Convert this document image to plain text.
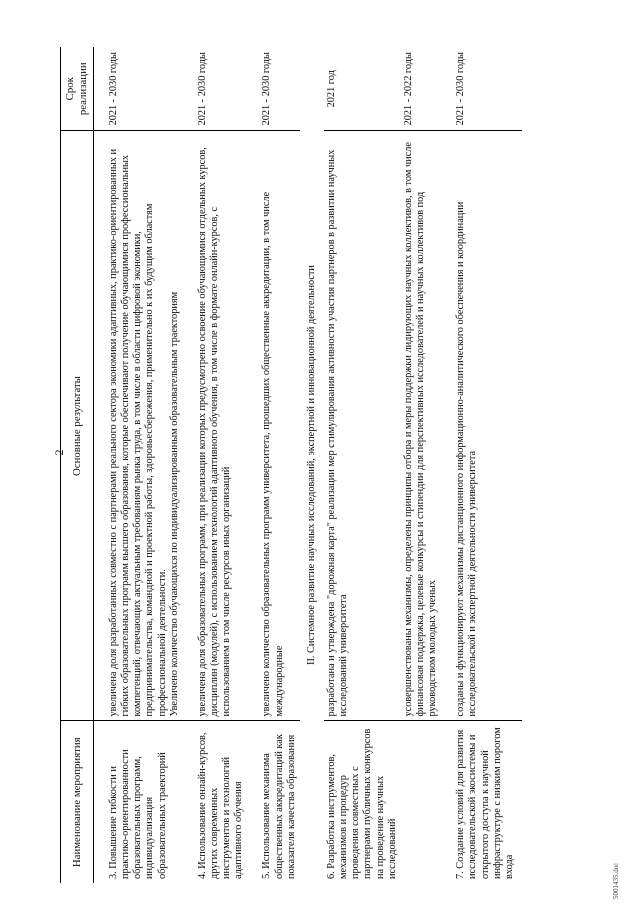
2
Наименование мероприятия	Основные результаты	Срок реализации

3. Повышение гибкости и практико-ориентированности образовательных программ, индивидуализация образовательных траекторий	увеличена доля разработанных совместно с партнерами реального сектора экономики адаптивных, практико-ориентированных и гибких образовательных программ высшего образования, которые обеспечивают получение обучающимися профессиональных компетенций, отвечающих актуальным требованиям рынка труда, в том числе в области цифровой экономики, предпринимательства, командной и проектной работы, здоровьесбережения, применительно к их будущим областям профессиональной деятельности. Увеличено количество обучающихся по индивидуализированным образовательным траекториям	2021 - 2030 годы

4. Использование онлайн-курсов, других современных инструментов и технологий адаптивного обучения	увеличена доля образовательных программ, при реализации которых предусмотрено освоение обучающимися отдельных курсов, дисциплин (модулей), с использованием технологий адаптивного обучения, в том числе в формате онлайн-курсов, с использованием в том числе ресурсов иных организаций	2021 - 2030 годы

5. Использование механизма общественных аккредитаций как показателя качества образования	увеличено количество образовательных программ университета, прошедших общественные аккредитации, в том числе международные	2021 - 2030 годы
II. Системное развитие научных исследований, экспертной и инновационной деятельности		
6. Разработка инструментов, механизмов и процедур проведения совместных с партнерами публичных конкурсов на проведение научных исследований	разработана и утверждена "дорожная карта" реализации мер стимулирования активности участия партнеров в развитии научных исследований университета	2021 год
	усовершенствованы механизмы, определены принципы отбора и меры поддержки лидирующих научных коллективов, в том числе финансовая поддержка, целевые конкурсы и стипендии для перспективных исследователей и научных коллективов под руководством молодых ученых	2021 - 2022 годы

7. Создание условий для развития исследовательской экосистемы и открытого доступа к научной инфраструктуре с низким порогом входа	созданы и функционируют механизмы дистанционного информационно-аналитического обеспечения и координации исследовательской и экспертной деятельности университета	2021 - 2030 годы
5001435.doc
